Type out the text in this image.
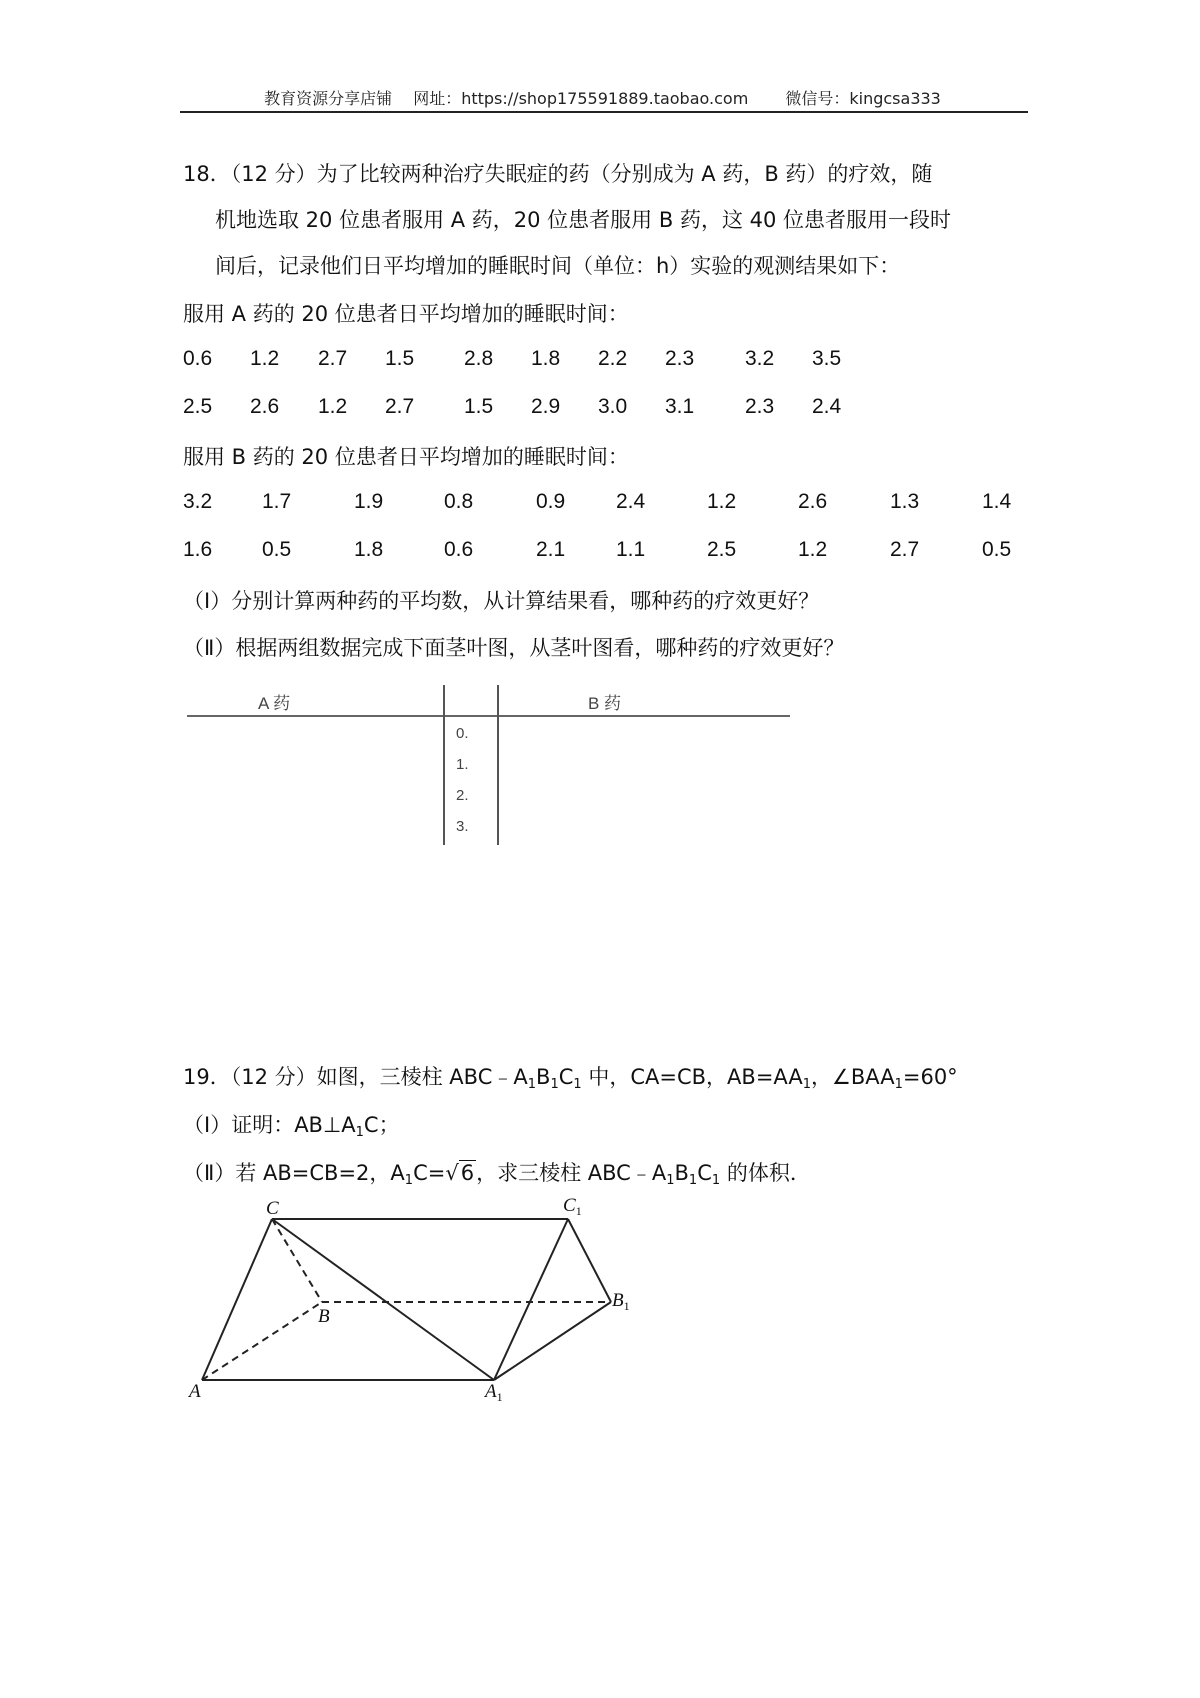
教育资源分享店铺　 网址：https://shop175591889.taobao.com　　 微信号：kingcsa333
18．（12 分）为了比较两种治疗失眠症的药（分别成为 A 药，B 药）的疗效，随
机地选取 20 位患者服用 A 药，20 位患者服用 B 药，这 40 位患者服用一段时
间后，记录他们日平均增加的睡眠时间（单位：h）实验的观测结果如下：
服用 A 药的 20 位患者日平均增加的睡眠时间：
0.6 1.2 2.7 1.5 2.8 1.8 2.2 2.3 3.2 3.5
2.5 2.6 1.2 2.7 1.5 2.9 3.0 3.1 2.3 2.4
服用 B 药的 20 位患者日平均增加的睡眠时间：
3.2 1.7	1.9	0.8	0.9 2.4	1.2	2.6	1.3	1.4
1.6 0.5	1.8	0.6	2.1 1.1	2.5	1.2	2.7	0.5
（Ⅰ）分别计算两种药的平均数，从计算结果看，哪种药的疗效更好？
（Ⅱ）根据两组数据完成下面茎叶图，从茎叶图看，哪种药的疗效更好？
A 药	B 药
0.
1.
2.
3.
19．（12 分）如图，三棱柱 $ABC﹣A_1B_1C_1$ 中，CA=CB，$AB=AA_1$，$\angle BAA_1=60^\circ$
（Ⅰ）证明：$AB\perp A_1C$；
（Ⅱ）若 AB=CB=2，$A_1C=√6$，求三棱柱 $ABC﹣A_1B_1C_1$ 的体积．
C	$C_1$
B
$B_1$
A	$A_1$
